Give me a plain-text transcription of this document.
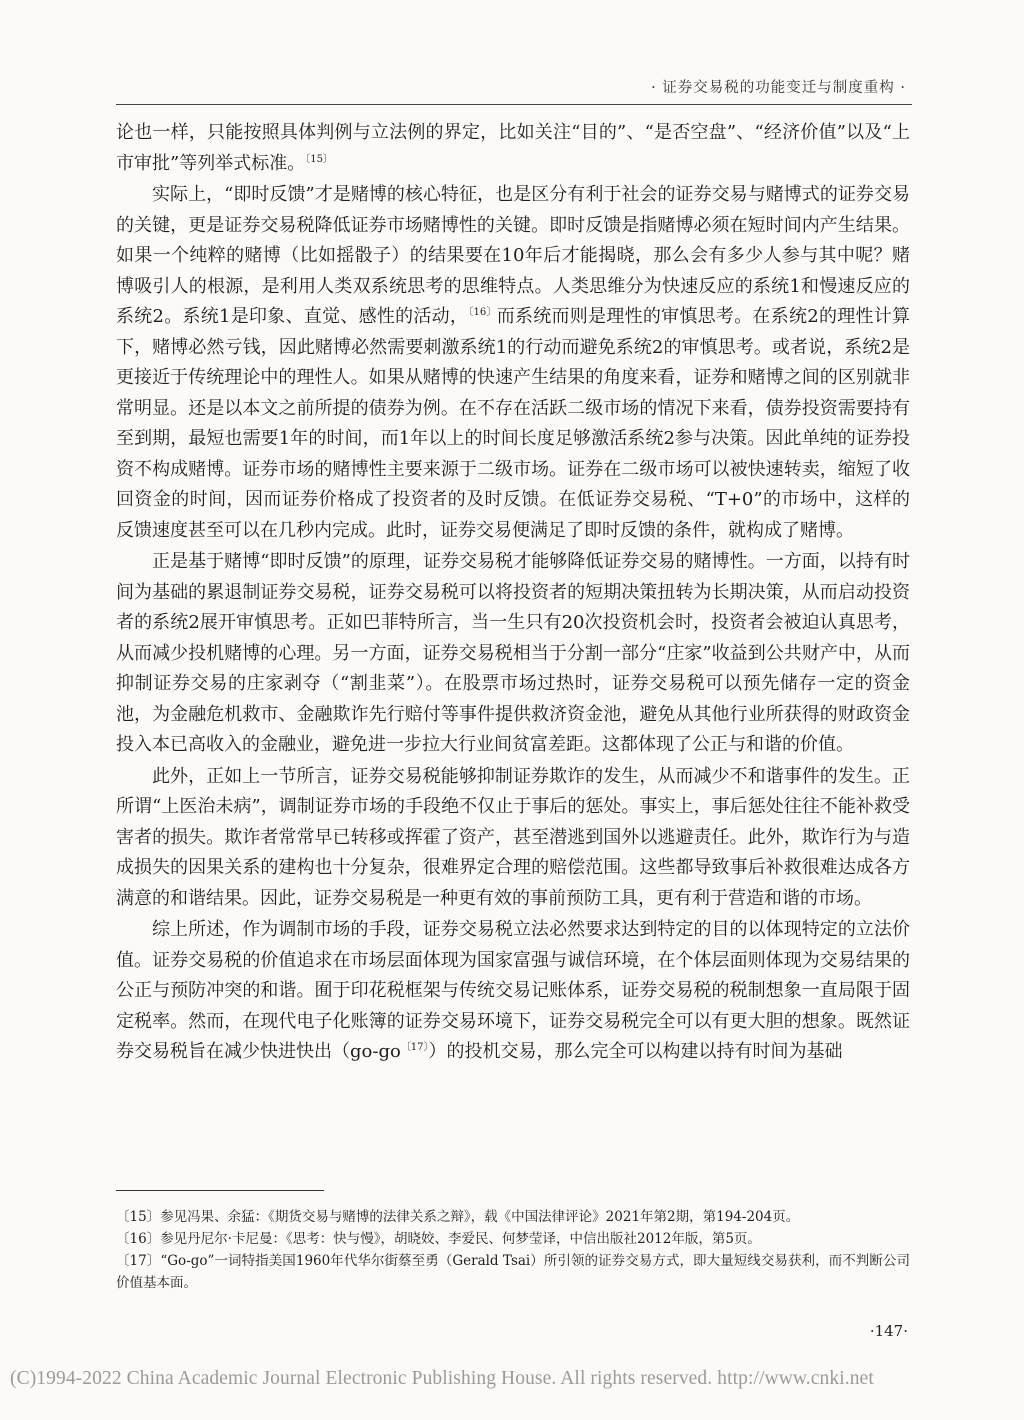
· 证券交易税的功能变迁与制度重构 ·

论也一样，只能按照具体判例与立法例的界定，比如关注“目的”、“是否空盘”、“经济价值”以及“上市审批”等列举式标准。$^{〔15〕}$

实际上，“即时反馈”才是赌博的核心特征，也是区分有利于社会的证券交易与赌博式的证券交易的关键，更是证券交易税降低证券市场赌博性的关键。即时反馈是指赌博必须在短时间内产生结果。如果一个纯粹的赌博（比如摇骰子）的结果要在10年后才能揭晓，那么会有多少人参与其中呢？赌博吸引人的根源，是利用人类双系统思考的思维特点。人类思维分为快速反应的系统1和慢速反应的系统2。系统1是印象、直觉、感性的活动，$^{〔16〕}$而系统而则是理性的审慎思考。在系统2的理性计算下，赌博必然亏钱，因此赌博必然需要刺激系统1的行动而避免系统2的审慎思考。或者说，系统2是更接近于传统理论中的理性人。如果从赌博的快速产生结果的角度来看，证券和赌博之间的区别就非常明显。还是以本文之前所提的债券为例。在不存在活跃二级市场的情况下来看，债券投资需要持有至到期，最短也需要1年的时间，而1年以上的时间长度足够激活系统2参与决策。因此单纯的证券投资不构成赌博。证券市场的赌博性主要来源于二级市场。证券在二级市场可以被快速转卖，缩短了收回资金的时间，因而证券价格成了投资者的及时反馈。在低证券交易税、“T+0”的市场中，这样的反馈速度甚至可以在几秒内完成。此时，证券交易便满足了即时反馈的条件，就构成了赌博。

正是基于赌博“即时反馈”的原理，证券交易税才能够降低证券交易的赌博性。一方面，以持有时间为基础的累退制证券交易税，证券交易税可以将投资者的短期决策扭转为长期决策，从而启动投资者的系统2展开审慎思考。正如巴菲特所言，当一生只有20次投资机会时，投资者会被迫认真思考，从而减少投机赌博的心理。另一方面，证券交易税相当于分割一部分“庄家”收益到公共财产中，从而抑制证券交易的庄家剥夺（“割韭菜”）。在股票市场过热时，证券交易税可以预先储存一定的资金池，为金融危机救市、金融欺诈先行赔付等事件提供救济资金池，避免从其他行业所获得的财政资金投入本已高收入的金融业，避免进一步拉大行业间贫富差距。这都体现了公正与和谐的价值。

此外，正如上一节所言，证券交易税能够抑制证券欺诈的发生，从而减少不和谐事件的发生。正所谓“上医治未病”，调制证券市场的手段绝不仅止于事后的惩处。事实上，事后惩处往往不能补救受害者的损失。欺诈者常常早已转移或挥霍了资产，甚至潜逃到国外以逃避责任。此外，欺诈行为与造成损失的因果关系的建构也十分复杂，很难界定合理的赔偿范围。这些都导致事后补救很难达成各方满意的和谐结果。因此，证券交易税是一种更有效的事前预防工具，更有利于营造和谐的市场。

综上所述，作为调制市场的手段，证券交易税立法必然要求达到特定的目的以体现特定的立法价值。证券交易税的价值追求在市场层面体现为国家富强与诚信环境，在个体层面则体现为交易结果的公正与预防冲突的和谐。囿于印花税框架与传统交易记账体系，证券交易税的税制想象一直局限于固定税率。然而，在现代电子化账簿的证券交易环境下，证券交易税完全可以有更大胆的想象。既然证券交易税旨在减少快进快出$(go-go^{〔17〕})$的投机交易，那么完全可以构建以持有时间为基础

〔15〕参见冯果、余猛：《期货交易与赌博的法律关系之辩》，载《中国法律评论》2021年第2期，第194-204页。

〔16〕参见丹尼尔·卡尼曼：《思考：快与慢》，胡晓姣、李爱民、何梦莹译，中信出版社2012年版，第5页。

〔17〕“Go-go”一词特指美国1960年代华尔街蔡至勇（Gerald Tsai）所引领的证券交易方式，即大量短线交易获利，而不判断公司价值基本面。

·147·
(C)1994-2022 China Academic Journal Electronic Publishing House. All rights reserved. http://www.cnki.net
